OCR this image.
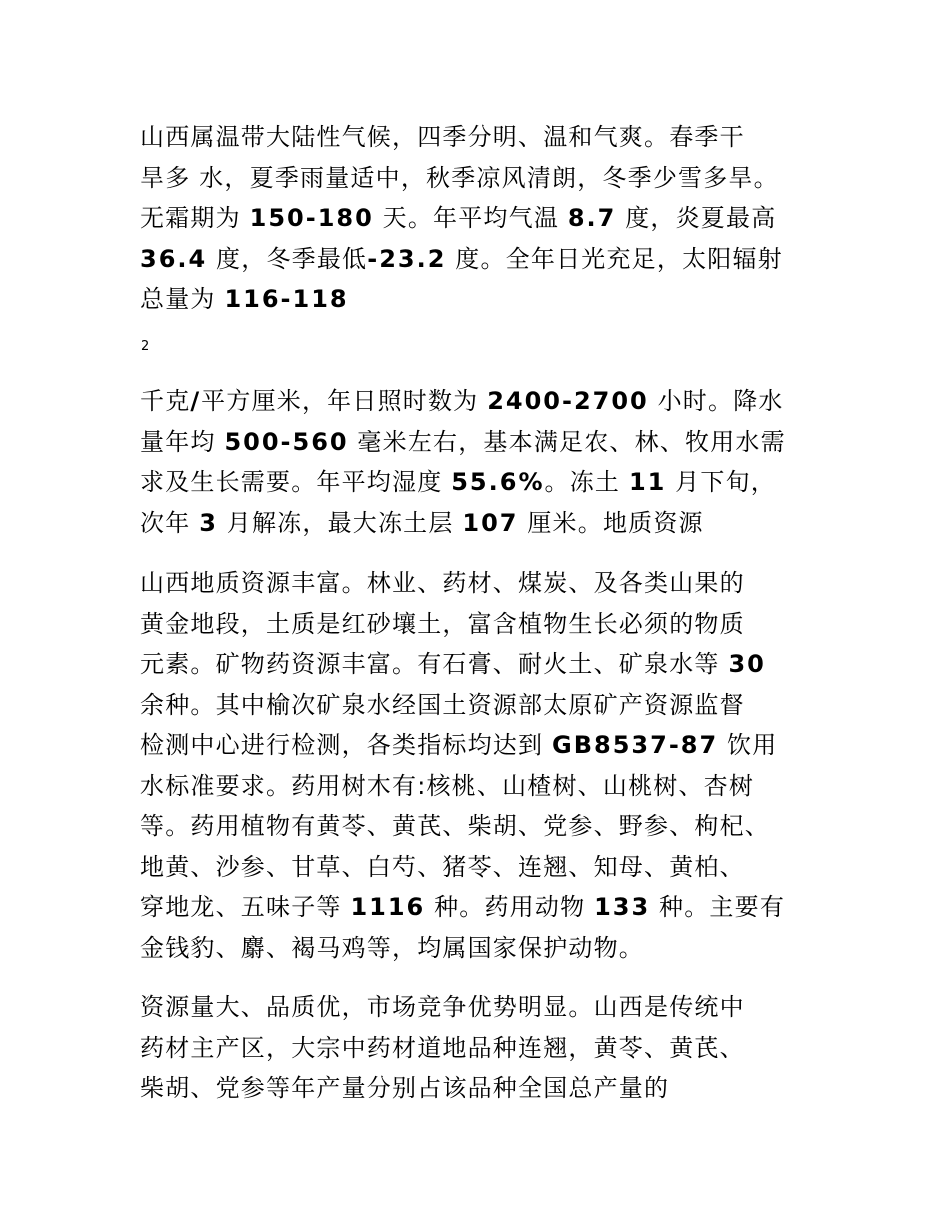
山西属温带大陆性气候，四季分明、温和气爽。春季干
旱多 水，夏季雨量适中，秋季凉风清朗，冬季少雪多旱。
无霜期为 150-180 天。年平均气温 8.7 度，炎夏最高
36.4 度，冬季最低-23.2 度。全年日光充足，太阳辐射
总量为 116-118
2
千克/平方厘米，年日照时数为 2400-2700 小时。降水
量年均 500-560 毫米左右，基本满足农、林、牧用水需
求及生长需要。年平均湿度 55.6%。冻土 11 月下旬，
次年 3 月解冻，最大冻土层 107 厘米。地质资源
山西地质资源丰富。林业、药材、煤炭、及各类山果的
黄金地段，土质是红砂壤土，富含植物生长必须的物质
元素。矿物药资源丰富。有石膏、耐火土、矿泉水等 30
余种。其中榆次矿泉水经国土资源部太原矿产资源监督
检测中心进行检测，各类指标均达到 GB8537-87 饮用
水标准要求。药用树木有:核桃、山楂树、山桃树、杏树
等。药用植物有黄苓、黄芪、柴胡、党参、野参、枸杞、
地黄、沙参、甘草、白芍、猪苓、连翘、知母、黄柏、
穿地龙、五味子等 1116 种。药用动物 133 种。主要有
金钱豹、麝、褐马鸡等，均属国家保护动物。
资源量大、品质优，市场竞争优势明显。山西是传统中
药材主产区，大宗中药材道地品种连翘，黄苓、黄芪、
柴胡、党参等年产量分别占该品种全国总产量的
